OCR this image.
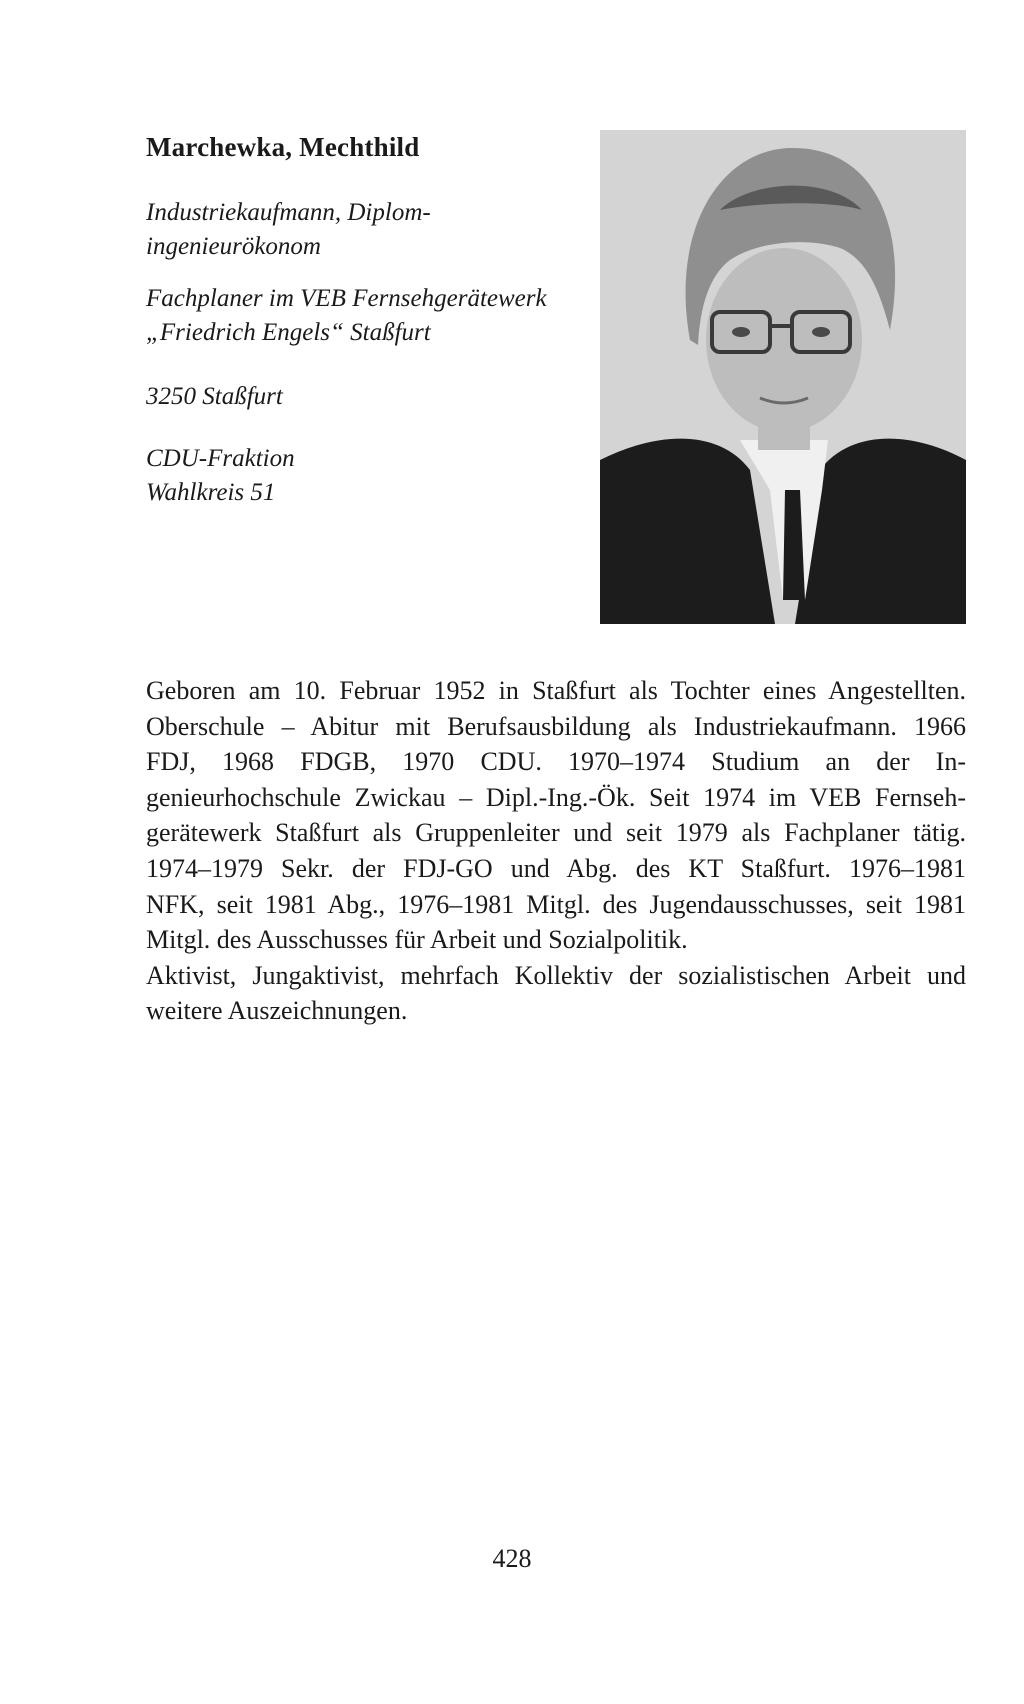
Marchewka, Mechthild

Industriekaufmann, Diplom-
ingenieurökonom

Fachplaner im VEB Fernsehgerätewerk
„Friedrich Engels“ Staßfurt

3250 Staßfurt

CDU-Fraktion
Wahlkreis 51

Geboren am 10. Februar 1952 in Staßfurt als Tochter eines Angestellten.
Oberschule – Abitur mit Berufsausbildung als Industriekaufmann. 1966
FDJ, 1968 FDGB, 1970 CDU. 1970–1974 Studium an der In-
genieurhochschule Zwickau – Dipl.-Ing.-Ök. Seit 1974 im VEB Fernseh-
gerätewerk Staßfurt als Gruppenleiter und seit 1979 als Fachplaner tätig.
1974–1979 Sekr. der FDJ-GO und Abg. des KT Staßfurt. 1976–1981
NFK, seit 1981 Abg., 1976–1981 Mitgl. des Jugendausschusses, seit 1981
Mitgl. des Ausschusses für Arbeit und Sozialpolitik.
Aktivist, Jungaktivist, mehrfach Kollektiv der sozialistischen Arbeit und
weitere Auszeichnungen.

428
